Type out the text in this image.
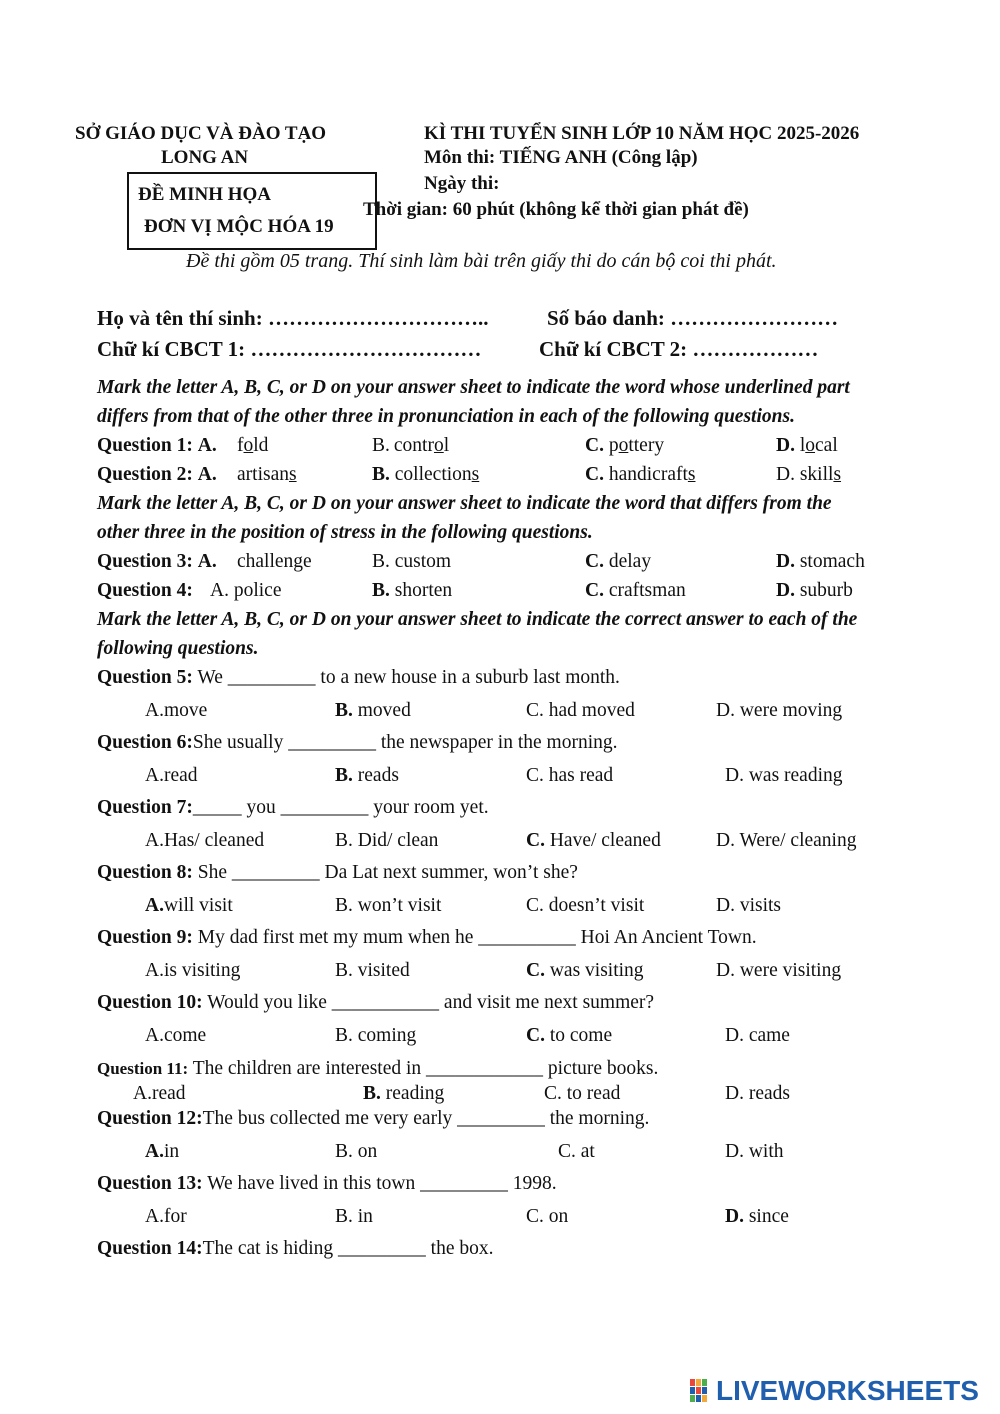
SỞ GIÁO DỤC VÀ ĐÀO TẠO
LONG AN
KÌ THI TUYỂN SINH LỚP 10 NĂM HỌC 2025-2026
Môn thi: TIẾNG ANH (Công lập)
Ngày thi:
ĐỀ MINH HỌA
ĐƠN VỊ MỘC HÓA 19
Thời gian: 60 phút (không kể thời gian phát đề)
Đề thi gồm 05 trang. Thí sinh làm bài trên giấy thi do cán bộ coi thi phát.
Họ và tên thí sinh: …………………………..	Số báo danh: ……………………
Chữ kí CBCT 1: ……………………………	Chữ kí CBCT 2: ………………
Mark the letter A, B, C, or D on your answer sheet to indicate the word whose underlined part
differs from that of the other three in pronunciation in each of the following questions.
Question 1: A. fold	B. control	C. pottery	D. local
Question 2: A. artisans	B. collections	C. handicrafts	D. skills
Mark the letter A, B, C, or D on your answer sheet to indicate the word that differs from the
other three in the position of stress in the following questions.
Question 3: A. challenge	B. custom	C. delay	D. stomach
Question 4: A. police	B. shorten	C. craftsman	D. suburb
Mark the letter A, B, C, or D on your answer sheet to indicate the correct answer to each of the
following questions.
Question 5: We _________ to a new house in a suburb last month.
A.move	B. moved	C. had moved	D. were moving
Question 6:She usually _________ the newspaper in the morning.
A.read	B. reads	C. has read	D. was reading
Question 7:_____ you _________ your room yet.
A.Has/ cleaned	B. Did/ clean	C. Have/ cleaned	D. Were/ cleaning
Question 8: She _________ Da Lat next summer, won’t she?
A.will visit	B. won’t visit	C. doesn’t visit	D. visits
Question 9: My dad first met my mum when he __________ Hoi An Ancient Town.
A.is visiting	B. visited	C. was visiting	D. were visiting
Question 10: Would you like ___________ and visit me next summer?
A.come	B. coming	C. to come	D. came
Question 11: The children are interested in ____________ picture books.
A.read	B. reading	C. to read	D. reads
Question 12:The bus collected me very early _________ the morning.
A.in	B. on	C. at	D. with
Question 13: We have lived in this town _________ 1998.
A.for	B. in	C. on	D. since
Question 14:The cat is hiding _________ the box.
LIVEWORKSHEETS
